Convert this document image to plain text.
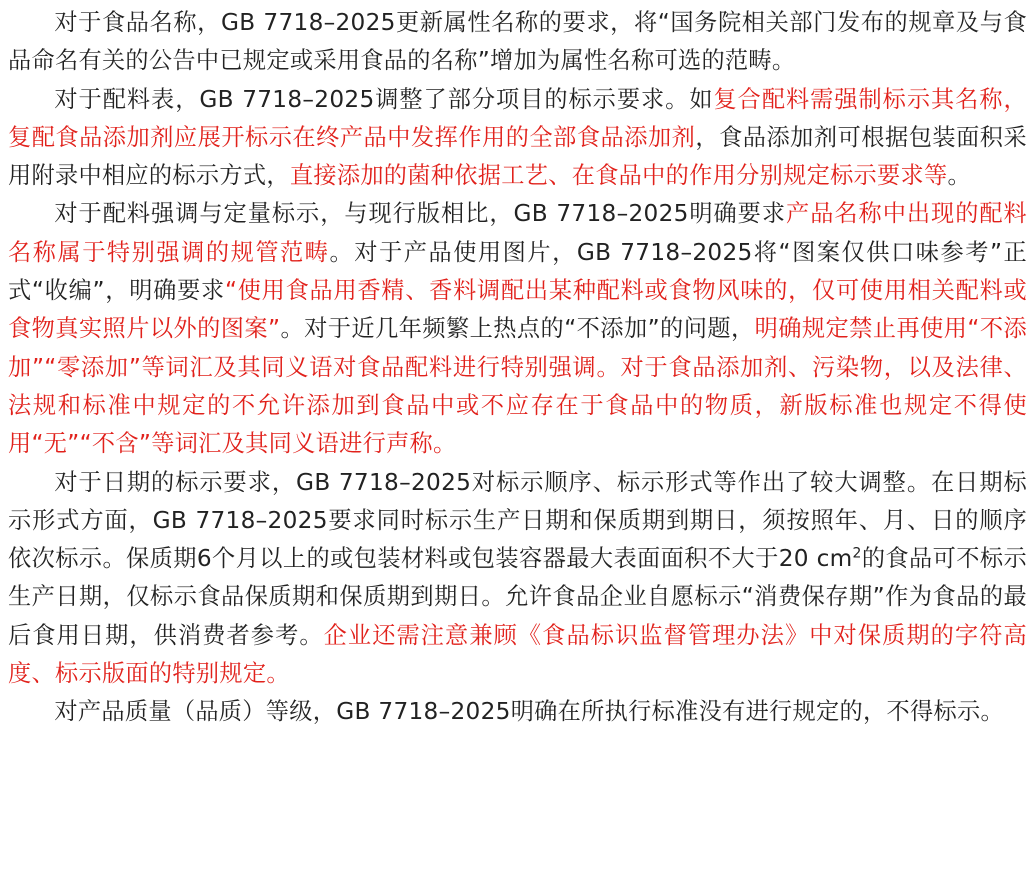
对于食品名称，GB 7718–2025更新属性名称的要求，将“国务院相关部门发布的规章及与食品命名有关的公告中已规定或采用食品的名称”增加为属性名称可选的范畴。

对于配料表，GB 7718–2025调整了部分项目的标示要求。如复合配料需强制标示其名称，复配食品添加剂应展开标示在终产品中发挥作用的全部食品添加剂，食品添加剂可根据包装面积采用附录中相应的标示方式，直接添加的菌种依据工艺、在食品中的作用分别规定标示要求等。

对于配料强调与定量标示，与现行版相比，GB 7718–2025明确要求产品名称中出现的配料名称属于特别强调的规管范畴。对于产品使用图片，GB 7718–2025将“图案仅供口味参考”正式“收编”，明确要求“使用食品用香精、香料调配出某种配料或食物风味的，仅可使用相关配料或食物真实照片以外的图案”。对于近几年频繁上热点的“不添加”的问题，明确规定禁止再使用“不添加”“零添加”等词汇及其同义语对食品配料进行特别强调。对于食品添加剂、污染物，以及法律、法规和标准中规定的不允许添加到食品中或不应存在于食品中的物质，新版标准也规定不得使用“无”“不含”等词汇及其同义语进行声称。

对于日期的标示要求，GB 7718–2025对标示顺序、标示形式等作出了较大调整。在日期标示形式方面，GB 7718–2025要求同时标示生产日期和保质期到期日，须按照年、月、日的顺序依次标示。保质期6个月以上的或包装材料或包装容器最大表面面积不大于20 $cm^2$的食品可不标示生产日期，仅标示食品保质期和保质期到期日。允许食品企业自愿标示“消费保存期”作为食品的最后食用日期，供消费者参考。企业还需注意兼顾《食品标识监督管理办法》中对保质期的字符高度、标示版面的特别规定。

对产品质量（品质）等级，GB 7718–2025明确在所执行标准没有进行规定的，不得标示。
